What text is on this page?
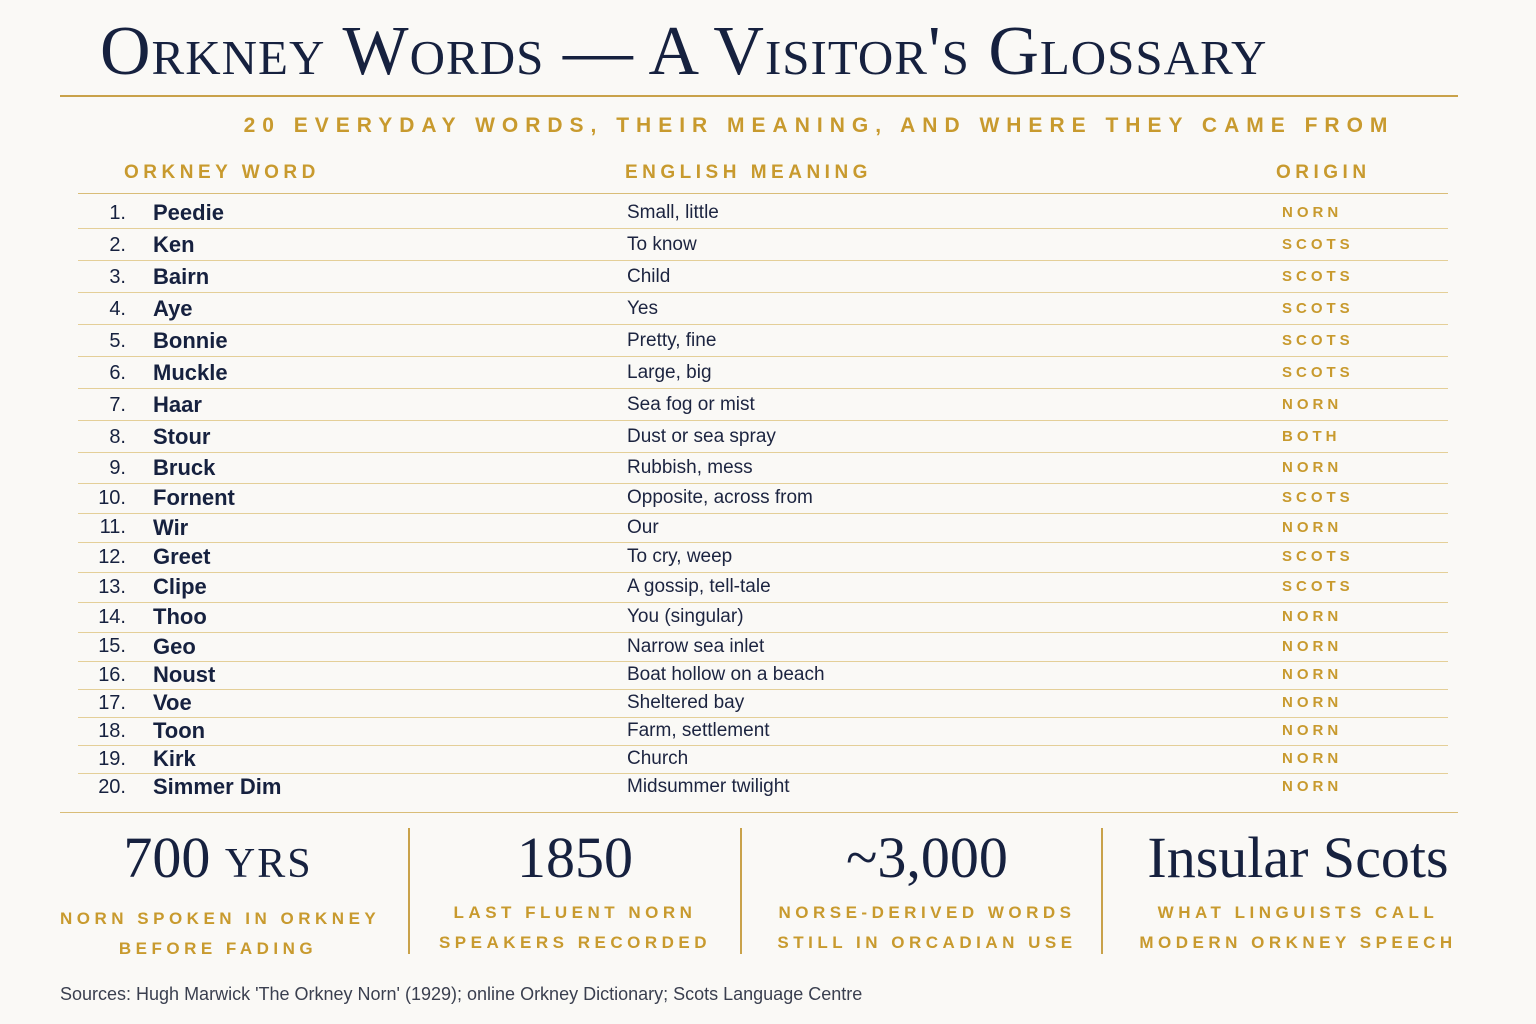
Orkney Words — A Visitor's Glossary
20 EVERYDAY WORDS, THEIR MEANING, AND WHERE THEY CAME FROM
ORKNEY WORD	ENGLISH MEANING	ORIGIN
1. Peedie	Small, little	NORN
2. Ken	To know	SCOTS
3. Bairn	Child	SCOTS
4. Aye	Yes	SCOTS
5. Bonnie	Pretty, fine	SCOTS
6. Muckle	Large, big	SCOTS
7. Haar	Sea fog or mist	NORN
8. Stour	Dust or sea spray	BOTH
9. Bruck	Rubbish, mess	NORN
10. Fornent	Opposite, across from	SCOTS
11. Wir	Our	NORN
12. Greet	To cry, weep	SCOTS
13. Clipe	A gossip, tell-tale	SCOTS
14. Thoo	You (singular)	NORN
15. Geo	Narrow sea inlet	NORN
16. Noust	Boat hollow on a beach	NORN
17. Voe	Sheltered bay	NORN
18. Toon	Farm, settlement	NORN
19. Kirk	Church	NORN
20. Simmer Dim	Midsummer twilight	NORN
700 YRS
NORN SPOKEN IN ORKNEY
BEFORE FADING
1850
LAST FLUENT NORN
SPEAKERS RECORDED
~3,000
NORSE-DERIVED WORDS
STILL IN ORCADIAN USE
Insular Scots
WHAT LINGUISTS CALL
MODERN ORKNEY SPEECH
Sources: Hugh Marwick 'The Orkney Norn' (1929); online Orkney Dictionary; Scots Language Centre
